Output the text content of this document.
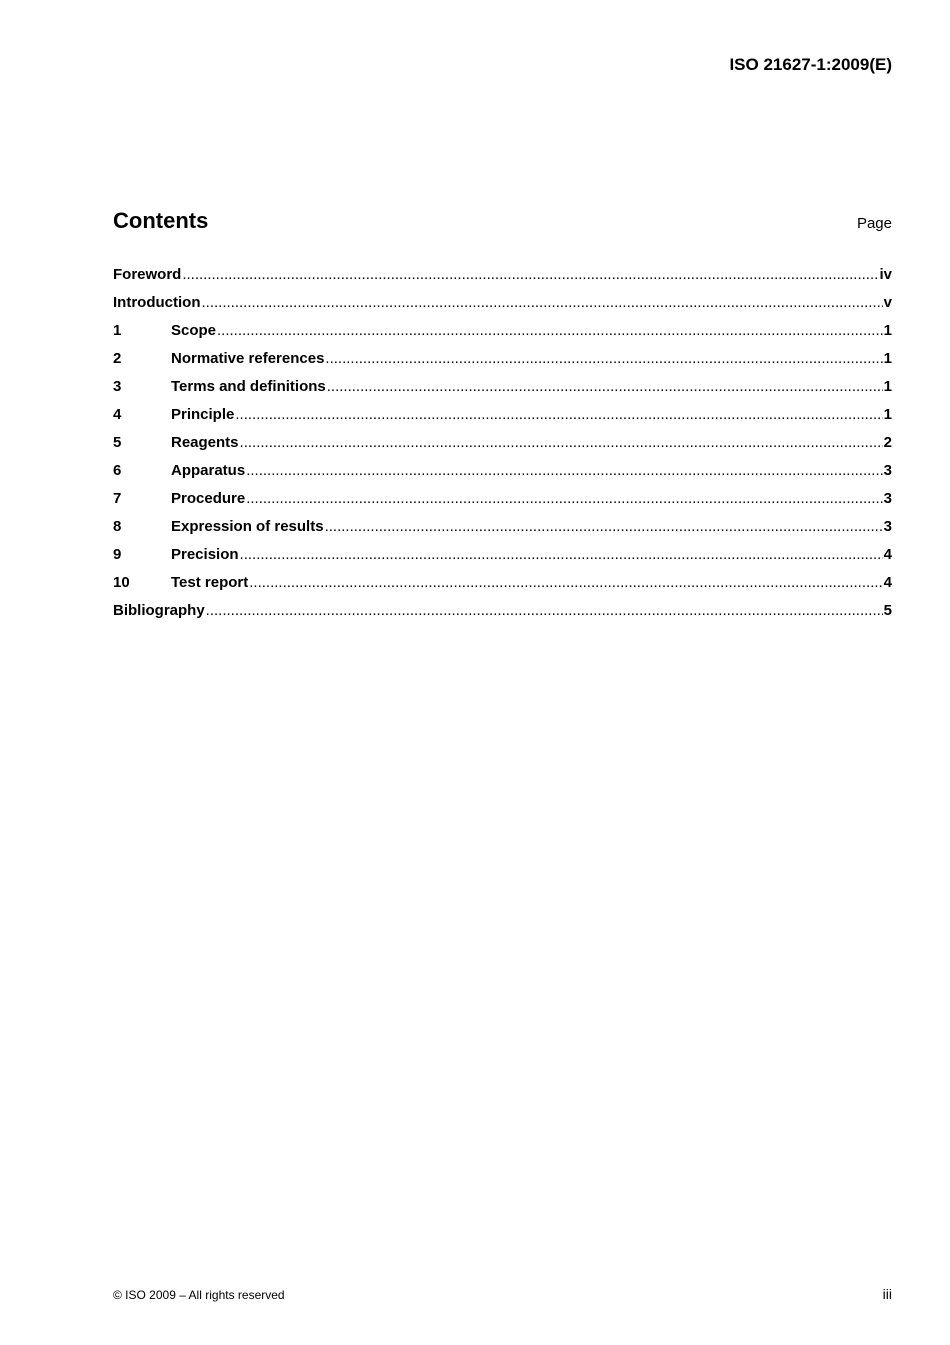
ISO 21627-1:2009(E)
Contents	Page
Foreword .....	iv
Introduction .....	v
1	Scope .....	1
2	Normative references .....	1
3	Terms and definitions .....	1
4	Principle .....	1
5	Reagents .....	2
6	Apparatus .....	3
7	Procedure .....	3
8	Expression of results .....	3
9	Precision .....	4
10	Test report .....	4
Bibliography .....	5
© ISO 2009 – All rights reserved	iii
